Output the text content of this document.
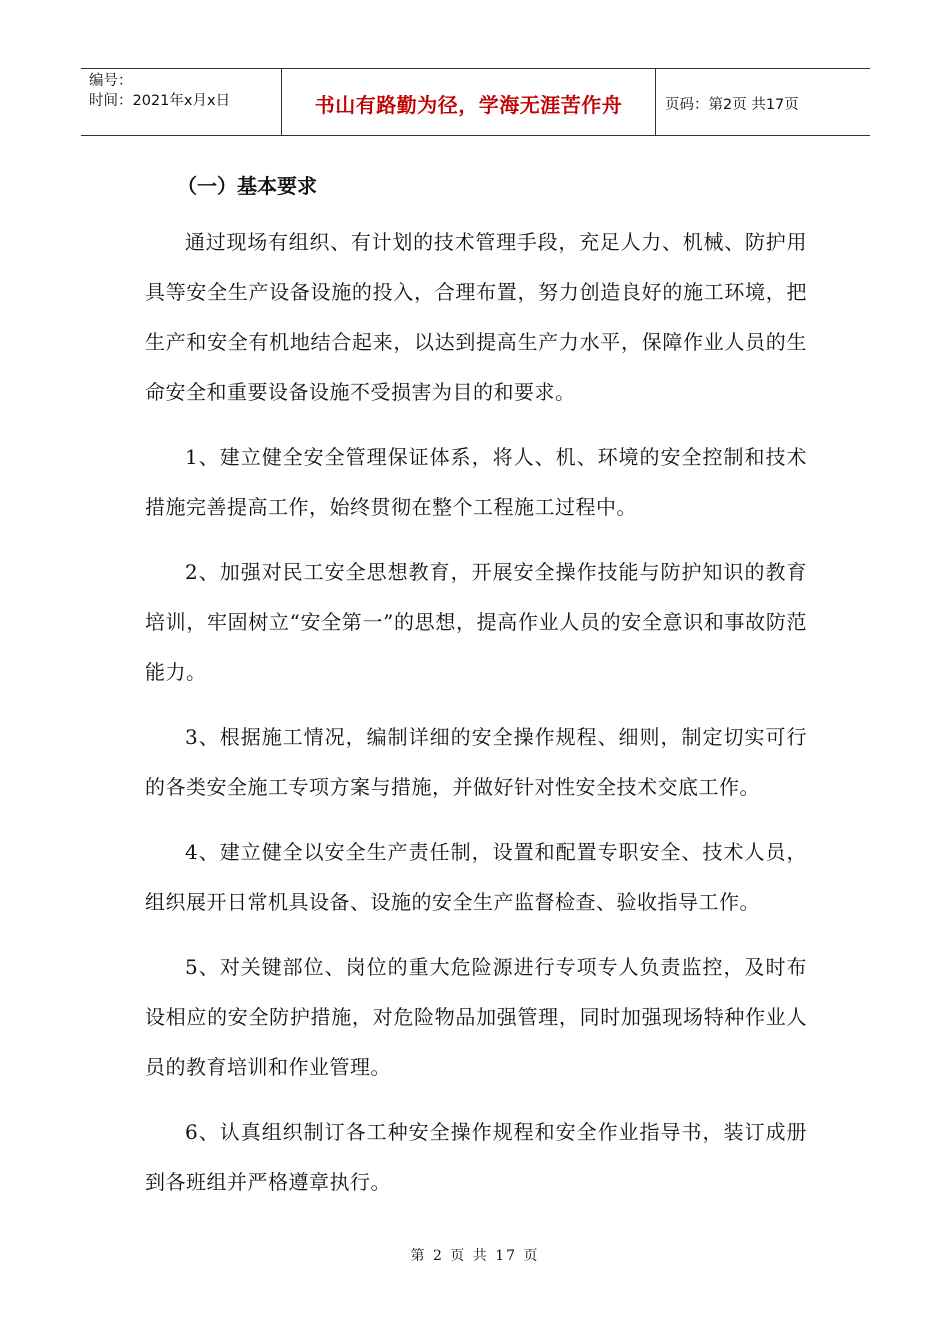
编号：
时间：2021年x月x日	书山有路勤为径，学海无涯苦作舟	页码：第2页 共17页
（一）基本要求

通过现场有组织、有计划的技术管理手段，充足人力、机械、防护用具等安全生产设备设施的投入，合理布置，努力创造良好的施工环境，把生产和安全有机地结合起来，以达到提高生产力水平，保障作业人员的生命安全和重要设备设施不受损害为目的和要求。

1、建立健全安全管理保证体系，将人、机、环境的安全控制和技术措施完善提高工作，始终贯彻在整个工程施工过程中。

2、加强对民工安全思想教育，开展安全操作技能与防护知识的教育培训，牢固树立“安全第一”的思想，提高作业人员的安全意识和事故防范能力。

3、根据施工情况，编制详细的安全操作规程、细则，制定切实可行的各类安全施工专项方案与措施，并做好针对性安全技术交底工作。

4、建立健全以安全生产责任制，设置和配置专职安全、技术人员，组织展开日常机具设备、设施的安全生产监督检查、验收指导工作。

5、对关键部位、岗位的重大危险源进行专项专人负责监控，及时布设相应的安全防护措施，对危险物品加强管理，同时加强现场特种作业人员的教育培训和作业管理。

6、认真组织制订各工种安全操作规程和安全作业指导书，装订成册到各班组并严格遵章执行。

第 2 页 共 17 页
